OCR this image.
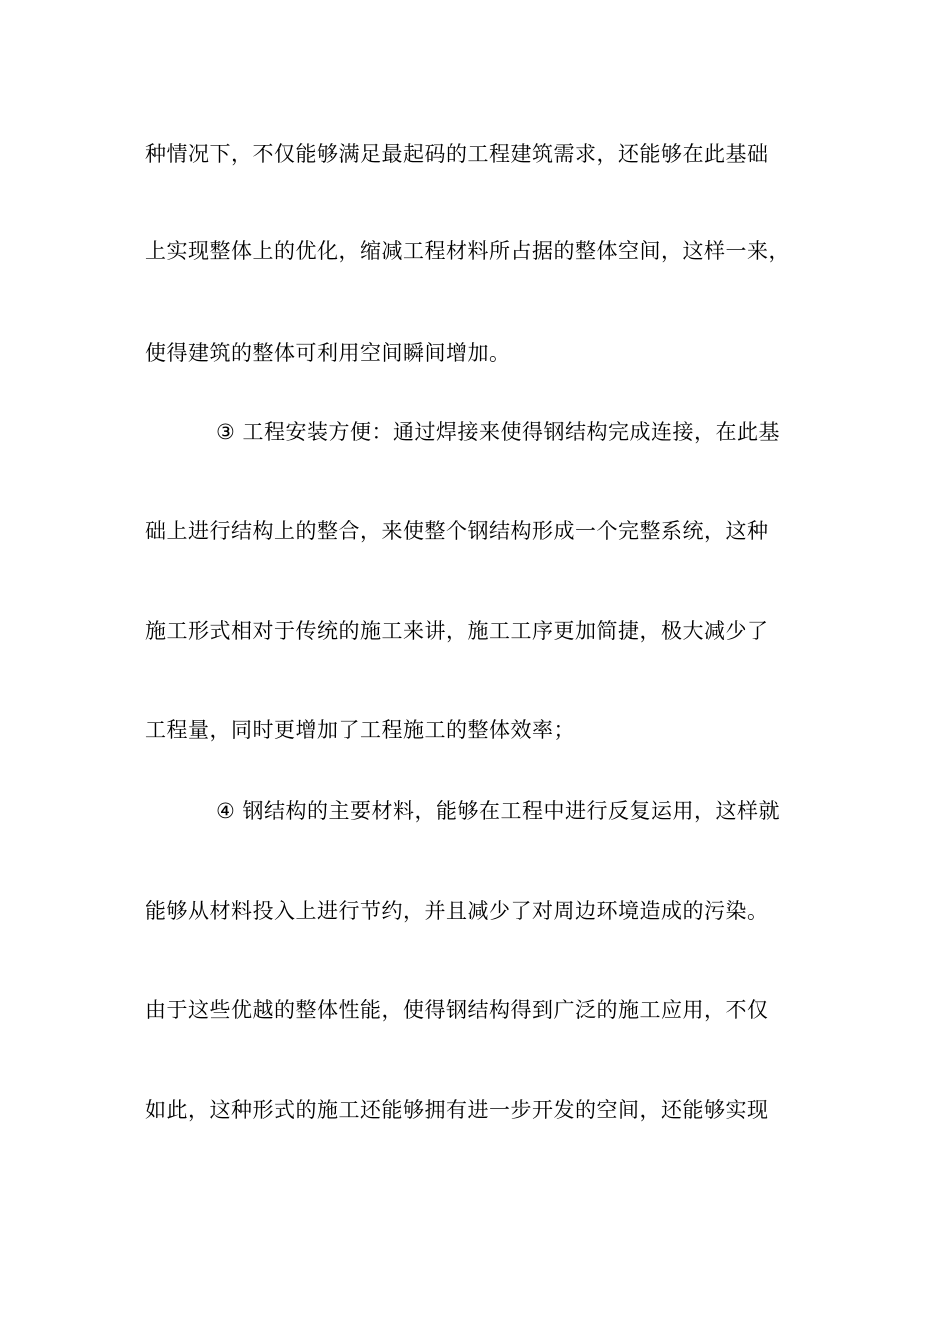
种情况下，不仅能够满足最起码的工程建筑需求，还能够在此基础
上实现整体上的优化，缩减工程材料所占据的整体空间，这样一来，
使得建筑的整体可利用空间瞬间增加。
③ 工程安装方便：通过焊接来使得钢结构完成连接，在此基
础上进行结构上的整合，来使整个钢结构形成一个完整系统，这种
施工形式相对于传统的施工来讲，施工工序更加简捷，极大减少了
工程量，同时更增加了工程施工的整体效率；
④ 钢结构的主要材料，能够在工程中进行反复运用，这样就
能够从材料投入上进行节约，并且减少了对周边环境造成的污染。
由于这些优越的整体性能，使得钢结构得到广泛的施工应用，不仅
如此，这种形式的施工还能够拥有进一步开发的空间，还能够实现
